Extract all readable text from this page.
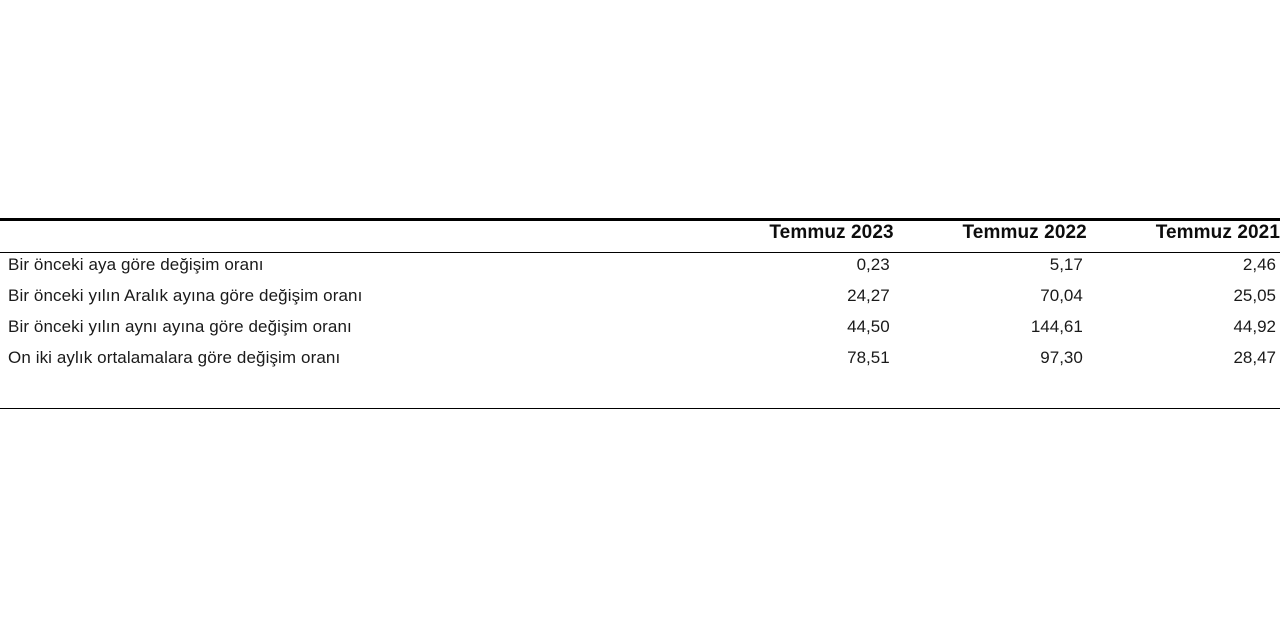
	Temmuz 2023	Temmuz 2022	Temmuz 2021
Bir önceki aya göre değişim oranı	0,23	5,17	2,46
Bir önceki yılın Aralık ayına göre değişim oranı	24,27	70,04	25,05
Bir önceki yılın aynı ayına göre değişim oranı	44,50	144,61	44,92
On iki aylık ortalamalara göre değişim oranı	78,51	97,30	28,47
